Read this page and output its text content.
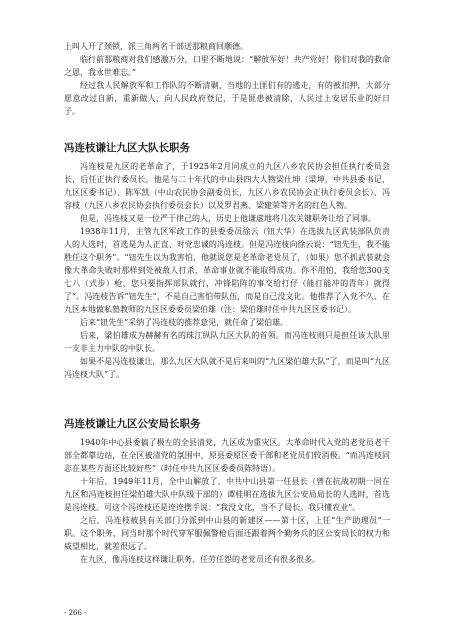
上叫人开了颈锁，派三角两名干部送那粮商回顺德。

临行前那粮商对我们感激万分，口里不断地说：“解放军好！共产党好！你们对我的救命之恩，我永世难忘。”

经过我人民解放军和工作队的不断清剿，当地的土匪们有的逃走，有的被扣押，大部分愿意改过自新，重新做人，向人民政府登记，于是匪患被清除，人民过上安居乐业的好日子。

冯连枝谦让九区大队长职务

冯连枝是九区的老革命了，于1925年2月同成立的九区八乡农民协会担任执行委员会长，后任正执行委员长，他是与二十年代的中山县四大人物梁仕坤（梁坤，中共县委书记，九区区委书记）、陈军凯（中山农民协会副委员长，九区八乡农民协会正执行委员会长）、冯容枝（九区八乡农民协会执行委员会长）以及罗君燕、梁建荣等齐名的红色人物。

但是，冯连枝又是一位严于律己的人，历史上他谦虚地将几次关键职务让给了同事。

1938年11月，主管九区军政工作的县委委员徐云（钮大华）在选拔九区武装部队负责人的人选时，首选是为人正直、对党忠诚的冯连枝。但是冯连枝向徐云说：“钮先生，我不能胜任这个职务”。“钮先生以为我害怕，他就说您是老革命老党员了，（如果）您不抓武装就会像大革命失败时那样到处被敌人打杀，革命事业就不能取得成功。你不用怕，我给您300支七八（式步）枪，您只要指挥部队就行，冲锋陷阵的事交给打仔（能打能冲的青年）就得了”。冯连枝告诉“钮先生”，不是自己害怕带队伍，而是自己没文化。他推荐了入党不久、在九区本地做私塾教师的九区区委委员梁伯雄（注：梁伯雄时任中共九区区委书记）。

后来“钮先生”采纳了冯连枝的推荐意见，就任命了梁伯雄。

后来，梁伯雄成为赫赫有名的珠江纵队九区大队的首领。而冯连枝则只是担任该大队里一支非主力中队的中队长。

如果不是冯连枝谦让，那么九区大队就不是后来叫的“九区梁伯雄大队”了，而是叫“九区冯连枝大队”了。

冯连枝谦让九区公安局长职务

1940年中心县委搞了极左的全县清党，九区成为重灾区。大革命时代入党的老党员老干部全都靠边站，在全区被清党的氛围中，原县委原区委干部和老党员们较消极。“而冯连枝同志在某些方面还比较好些”（时任中共九区区委委员陈特语）。

十年后，1949年11月，全中山解放了，中共中山县第一任县长（曾在抗战初期一同在九区和冯连枝担任梁伯雄大队中队级干部的）谭桂明在选拔九区公安局局长的人选时，首选是冯连枝。可这个冯连枝还是连连摆手说：“我没文化，当不了局长。我只懂农业”。

之后，冯连枝被县有关部门分派到中山县的新建区——第十区，上任“生产助理员”一职。这个职务，同当时那个时代穿军服佩警枪后面还跟着两个勤务兵的区公安局长的权力和威望相比，就差很远了。

在九区，像冯连枝这样谦让职务、任劳任怨的老党员还有很多很多。

- 266 -
